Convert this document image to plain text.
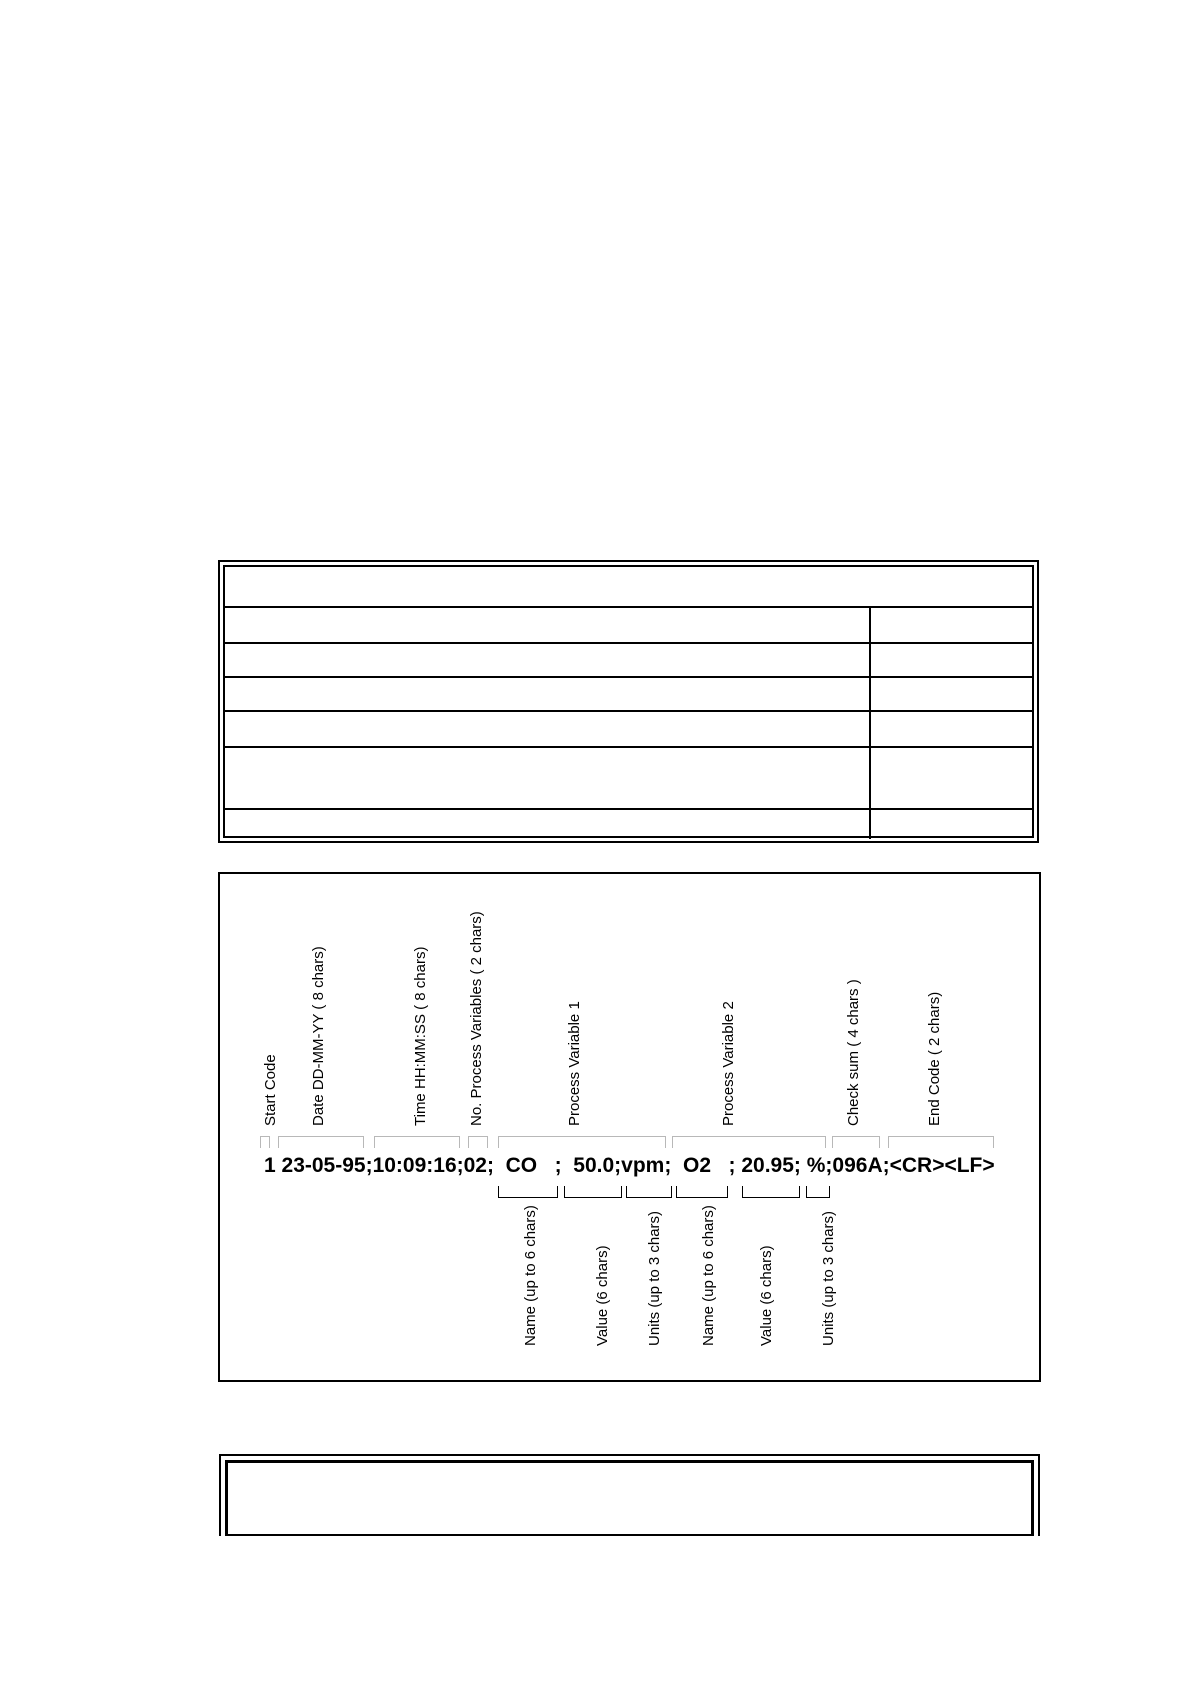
Start Code Date DD-MM-YY ( 8 chars)	Time HH:MM:SS ( 8 chars)	No. Process Variables ( 2 chars)	Process Variable 1	Process Variable 2	Check sum ( 4 chars )	End Code ( 2 chars)
1 23-05-95;10:09:16;02;  CO   ;  50.0;vpm;  O2   ; 20.95; %;096A;<CR><LF>
Name (up to 6 chars)	Value (6 chars) Units (up to 3 chars) Name (up to 6 chars)	Value (6 chars)	Units (up to 3 chars)
